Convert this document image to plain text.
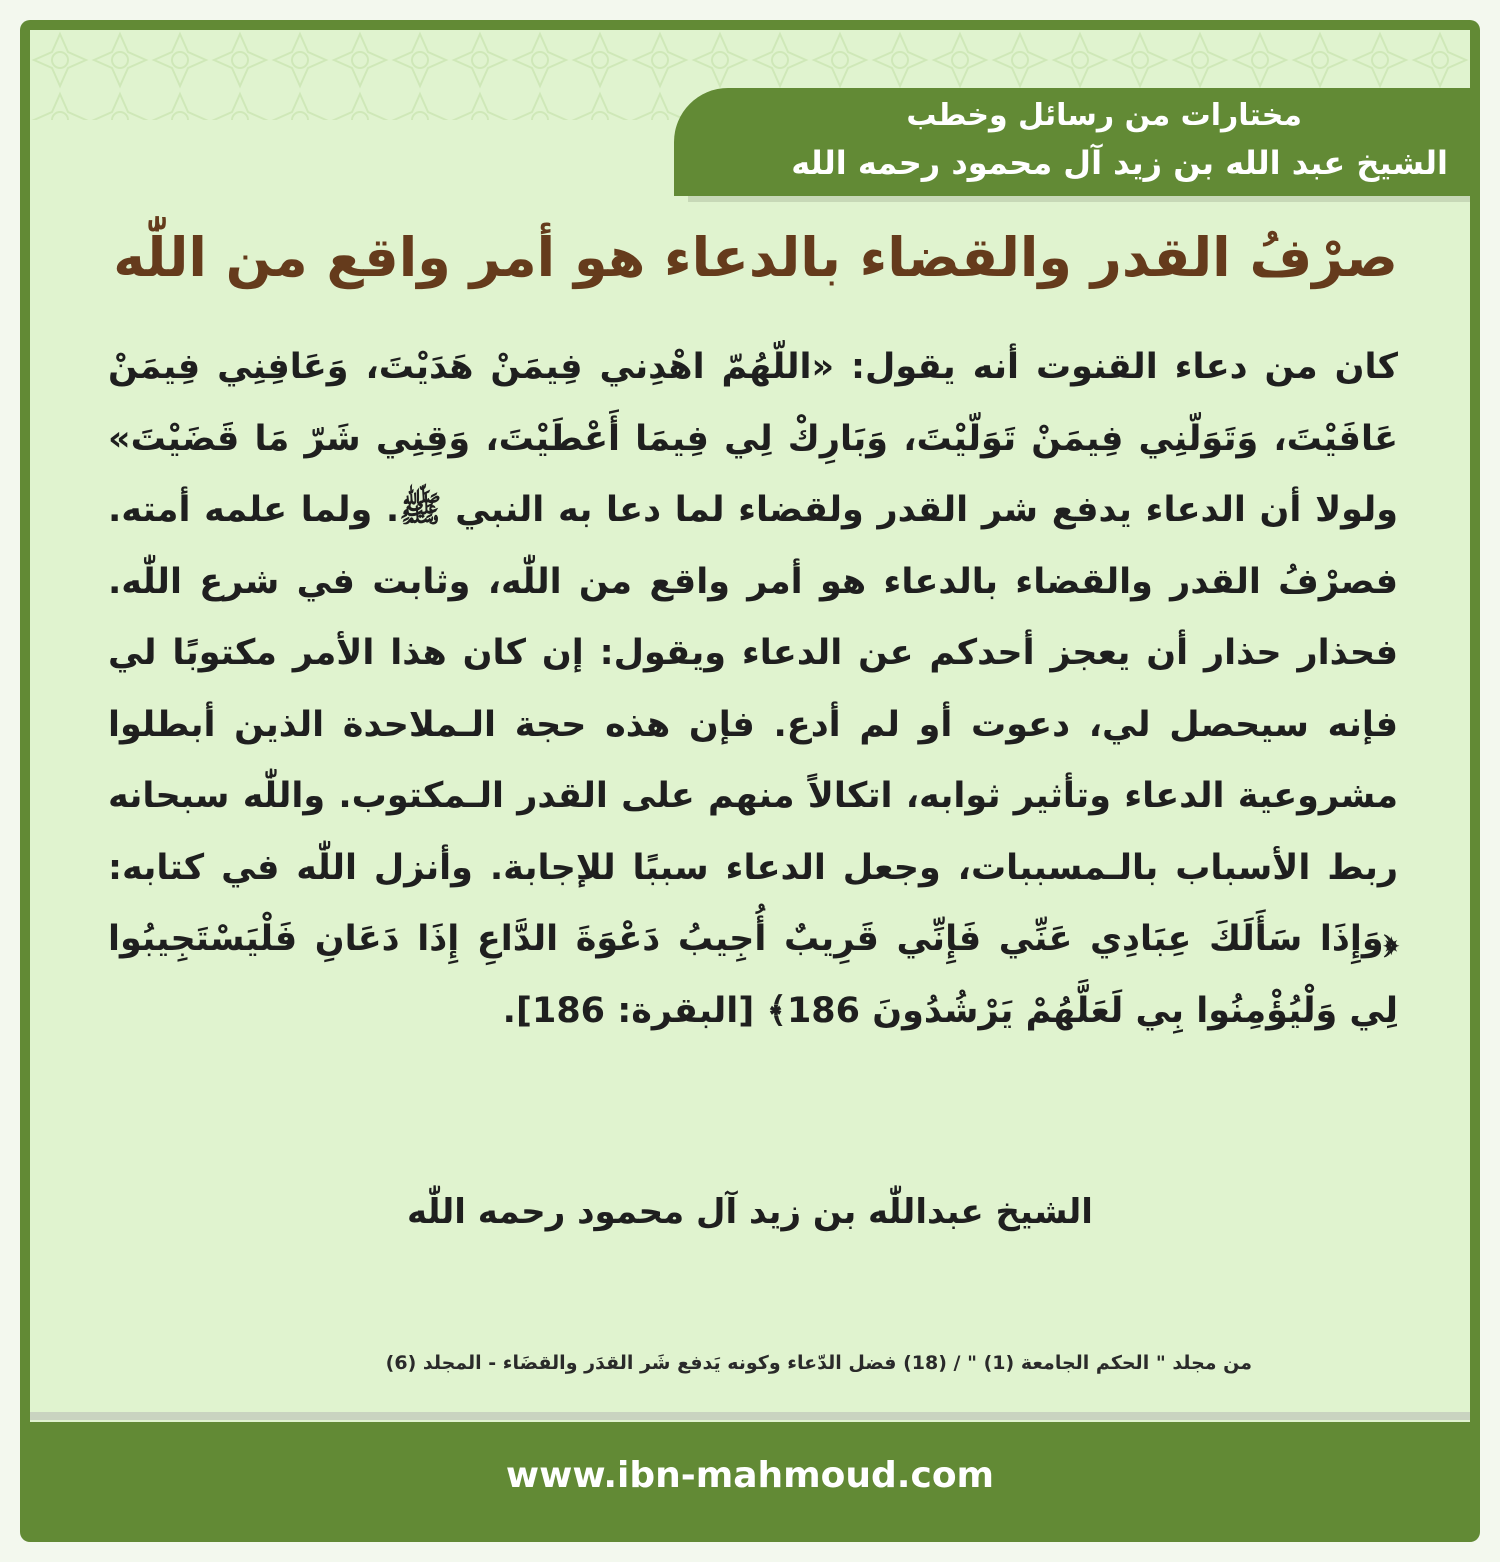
مختارات من رسائل وخطب
الشيخ عبد الله بن زيد آل محمود رحمه الله
صرْفُ القدر والقضاء بالدعاء هو أمر واقع من اللّٰه
كان من دعاء القنوت أنه يقول: «اللّهُمّ اهْدِني فِيمَنْ هَدَيْتَ، وَعَافِنِي فِيمَنْ عَافَيْتَ، وَتَوَلّنِي فِيمَنْ تَوَلّيْتَ، وَبَارِكْ لِي فِيمَا أَعْطَيْتَ، وَقِنِي شَرّ مَا قَضَيْتَ» ولولا أن الدعاء يدفع شر القدر ولقضاء لما دعا به النبي ﷺ. ولما علمه أمته. فصرْفُ القدر والقضاء بالدعاء هو أمر واقع من اللّٰه، وثابت في شرع اللّٰه. فحذار حذار أن يعجز أحدكم عن الدعاء ويقول: إن كان هذا الأمر مكتوبًا لي فإنه سيحصل لي، دعوت أو لم أدع. فإن هذه حجة الـملاحدة الذين أبطلوا مشروعية الدعاء وتأثير ثوابه، اتكالاً منهم على القدر الـمكتوب. واللّٰه سبحانه ربط الأسباب بالـمسببات، وجعل الدعاء سببًا للإجابة. وأنزل اللّٰه في كتابه: ﴿وَإِذَا سَأَلَكَ عِبَادِي عَنِّي فَإِنِّي قَرِيبٌ أُجِيبُ دَعْوَةَ الدَّاعِ إِذَا دَعَانِ فَلْيَسْتَجِيبُوا لِي وَلْيُؤْمِنُوا بِي لَعَلَّهُمْ يَرْشُدُونَ 186﴾ [البقرة: 186].
الشيخ عبداللّٰه بن زيد آل محمود رحمه اللّٰه
من مجلد " الحكم الجامعة (1) " / (18) فضل الدّعاء وكونه يَدفع شَر القدَر والقضَاء - المجلد (6)
www.ibn-mahmoud.com
